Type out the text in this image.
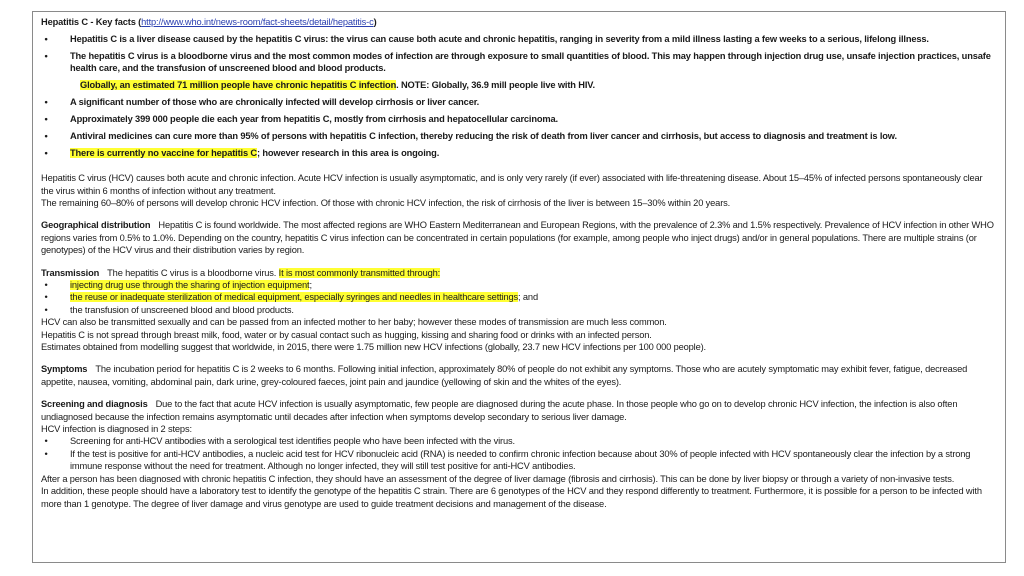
Hepatitis C - Key facts (http://www.who.int/news-room/fact-sheets/detail/hepatitis-c)
•	Hepatitis C is a liver disease caused by the hepatitis C virus: the virus can cause both acute and chronic hepatitis, ranging in severity from a mild illness lasting a few weeks to a serious, lifelong illness.
•	The hepatitis C virus is a bloodborne virus and the most common modes of infection are through exposure to small quantities of blood. This may happen through injection drug use, unsafe injection practices, unsafe health care, and the transfusion of unscreened blood and blood products.
Globally, an estimated 71 million people have chronic hepatitis C infection. NOTE: Globally, 36.9 mill people live with HIV.
•	A significant number of those who are chronically infected will develop cirrhosis or liver cancer.
•	Approximately 399 000 people die each year from hepatitis C, mostly from cirrhosis and hepatocellular carcinoma.
•	Antiviral medicines can cure more than 95% of persons with hepatitis C infection, thereby reducing the risk of death from liver cancer and cirrhosis, but access to diagnosis and treatment is low.
•	There is currently no vaccine for hepatitis C; however research in this area is ongoing.

Hepatitis C virus (HCV) causes both acute and chronic infection. Acute HCV infection is usually asymptomatic, and is only very rarely (if ever) associated with life-threatening disease. About 15–45% of infected persons spontaneously clear the virus within 6 months of infection without any treatment.

The remaining 60–80% of persons will develop chronic HCV infection. Of those with chronic HCV infection, the risk of cirrhosis of the liver is between 15–30% within 20 years.

Geographical distribution Hepatitis C is found worldwide. The most affected regions are WHO Eastern Mediterranean and European Regions, with the prevalence of 2.3% and 1.5% respectively. Prevalence of HCV infection in other WHO regions varies from 0.5% to 1.0%. Depending on the country, hepatitis C virus infection can be concentrated in certain populations (for example, among people who inject drugs) and/or in general populations. There are multiple strains (or genotypes) of the HCV virus and their distribution varies by region.

Transmission The hepatitis C virus is a bloodborne virus. It is most commonly transmitted through:

•	injecting drug use through the sharing of injection equipment;
•	the reuse or inadequate sterilization of medical equipment, especially syringes and needles in healthcare settings; and
•	the transfusion of unscreened blood and blood products.

HCV can also be transmitted sexually and can be passed from an infected mother to her baby; however these modes of transmission are much less common.

Hepatitis C is not spread through breast milk, food, water or by casual contact such as hugging, kissing and sharing food or drinks with an infected person.

Estimates obtained from modelling suggest that worldwide, in 2015, there were 1.75 million new HCV infections (globally, 23.7 new HCV infections per 100 000 people).

Symptoms The incubation period for hepatitis C is 2 weeks to 6 months. Following initial infection, approximately 80% of people do not exhibit any symptoms. Those who are acutely symptomatic may exhibit fever, fatigue, decreased appetite, nausea, vomiting, abdominal pain, dark urine, grey-coloured faeces, joint pain and jaundice (yellowing of skin and the whites of the eyes).

Screening and diagnosis Due to the fact that acute HCV infection is usually asymptomatic, few people are diagnosed during the acute phase. In those people who go on to develop chronic HCV infection, the infection is also often undiagnosed because the infection remains asymptomatic until decades after infection when symptoms develop secondary to serious liver damage.

HCV infection is diagnosed in 2 steps:

•	Screening for anti-HCV antibodies with a serological test identifies people who have been infected with the virus.
•	If the test is positive for anti-HCV antibodies, a nucleic acid test for HCV ribonucleic acid (RNA) is needed to confirm chronic infection because about 30% of people infected with HCV spontaneously clear the infection by a strong immune response without the need for treatment. Although no longer infected, they will still test positive for anti-HCV antibodies.

After a person has been diagnosed with chronic hepatitis C infection, they should have an assessment of the degree of liver damage (fibrosis and cirrhosis). This can be done by liver biopsy or through a variety of non-invasive tests.

In addition, these people should have a laboratory test to identify the genotype of the hepatitis C strain. There are 6 genotypes of the HCV and they respond differently to treatment. Furthermore, it is possible for a person to be infected with more than 1 genotype. The degree of liver damage and virus genotype are used to guide treatment decisions and management of the disease.
